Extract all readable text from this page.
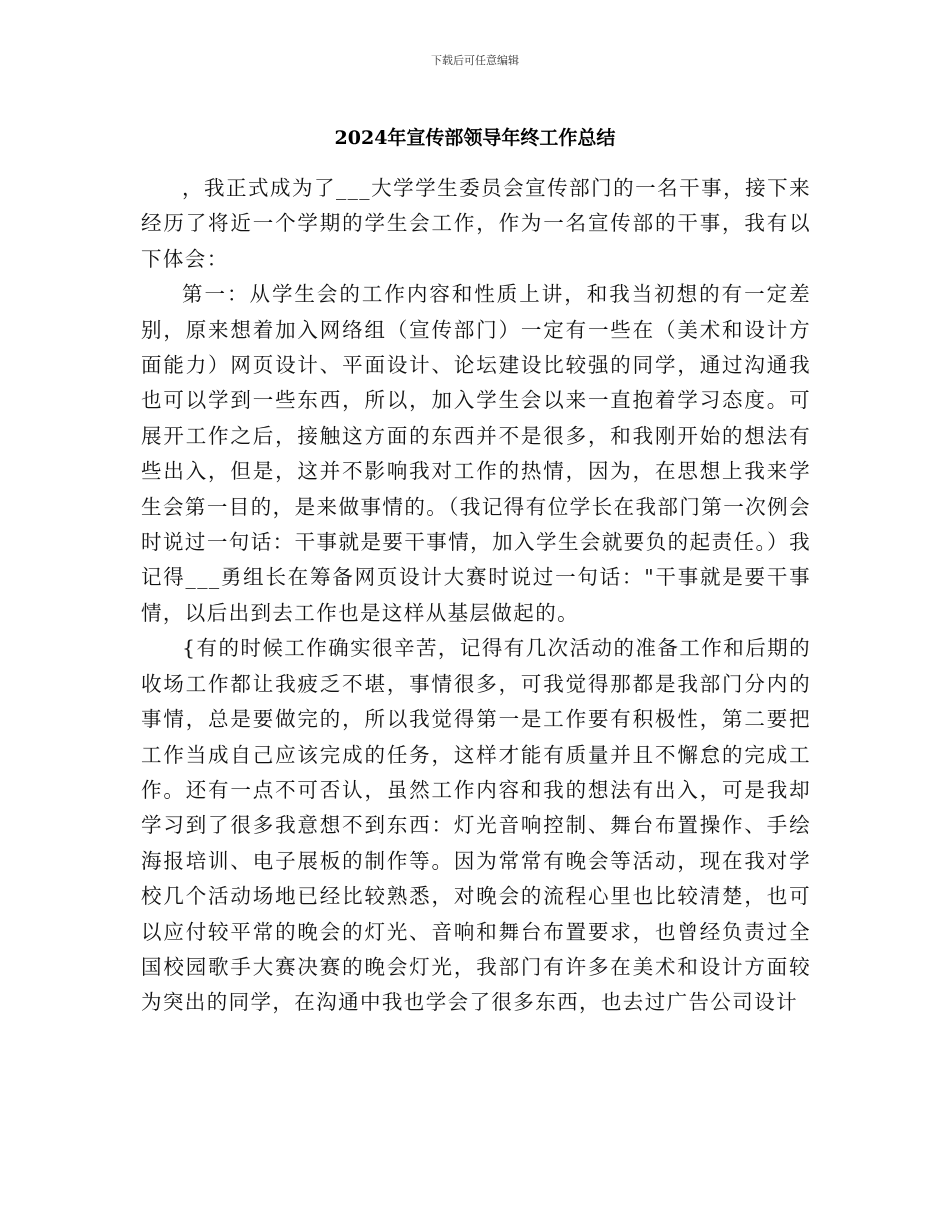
下载后可任意编辑
2024年宣传部领导年终工作总结

，我正式成为了___大学学生委员会宣传部门的一名干事，接下来经历了将近一个学期的学生会工作，作为一名宣传部的干事，我有以下体会：

第一：从学生会的工作内容和性质上讲，和我当初想的有一定差别，原来想着加入网络组（宣传部门）一定有一些在（美术和设计方面能力）网页设计、平面设计、论坛建设比较强的同学，通过沟通我也可以学到一些东西，所以，加入学生会以来一直抱着学习态度。可展开工作之后，接触这方面的东西并不是很多，和我刚开始的想法有些出入，但是，这并不影响我对工作的热情，因为，在思想上我来学生会第一目的，是来做事情的。（我记得有位学长在我部门第一次例会时说过一句话：干事就是要干事情，加入学生会就要负的起责任。）我记得___勇组长在筹备网页设计大赛时说过一句话："干事就是要干事情，以后出到去工作也是这样从基层做起的。

{有的时候工作确实很辛苦，记得有几次活动的准备工作和后期的收场工作都让我疲乏不堪，事情很多，可我觉得那都是我部门分内的事情，总是要做完的，所以我觉得第一是工作要有积极性，第二要把工作当成自己应该完成的任务，这样才能有质量并且不懈怠的完成工作。还有一点不可否认，虽然工作内容和我的想法有出入，可是我却学习到了很多我意想不到东西：灯光音响控制、舞台布置操作、手绘海报培训、电子展板的制作等。因为常常有晚会等活动，现在我对学校几个活动场地已经比较熟悉，对晚会的流程心里也比较清楚，也可以应付较平常的晚会的灯光、音响和舞台布置要求，也曾经负责过全国校园歌手大赛决赛的晚会灯光，我部门有许多在美术和设计方面较为突出的同学，在沟通中我也学会了很多东西，也去过广告公司设计
